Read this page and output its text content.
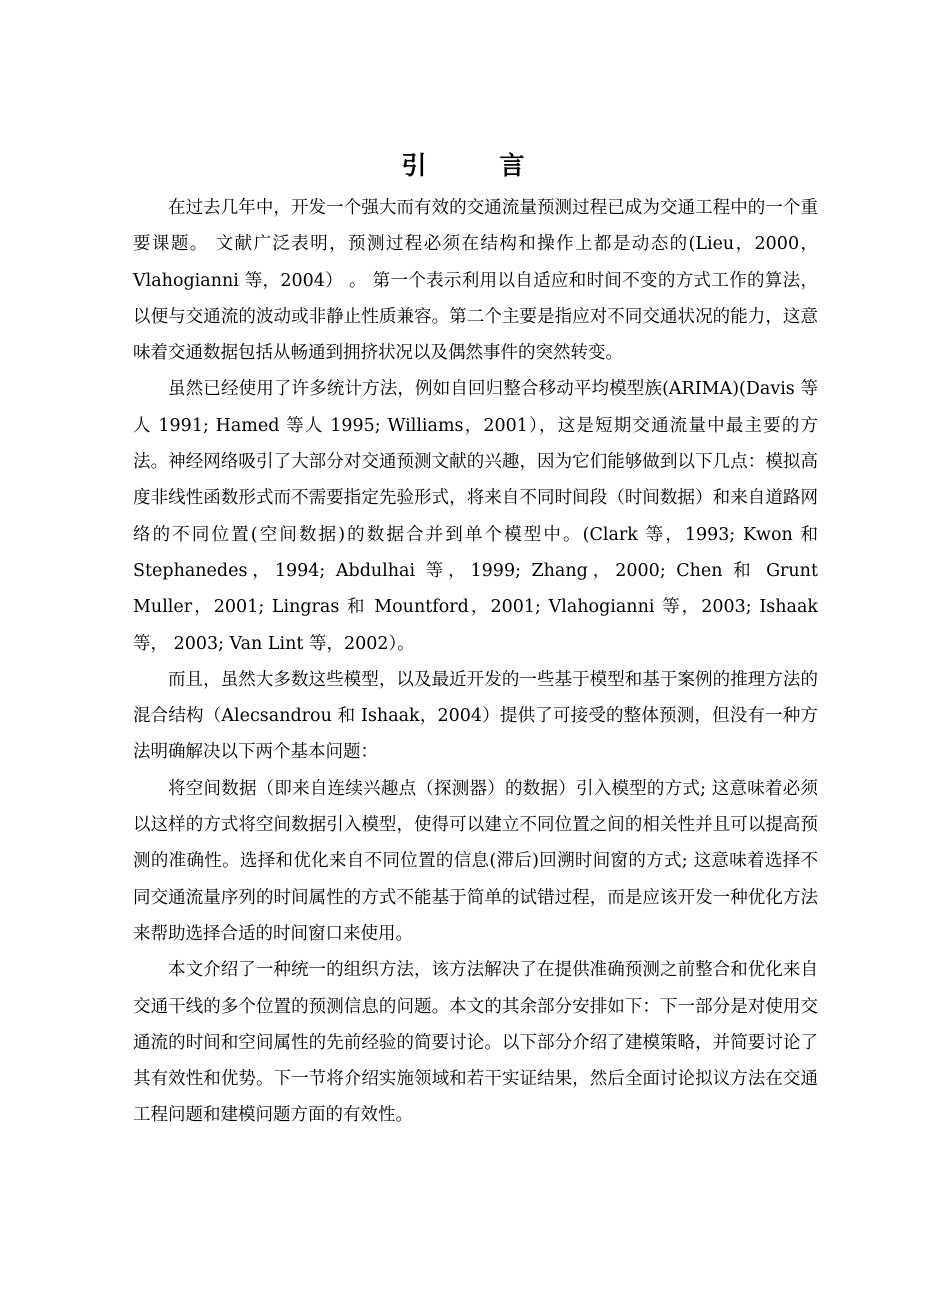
引　言

在过去几年中，开发一个强大而有效的交通流量预测过程已成为交通工程中的一个重要课题。 文献广泛表明，预测过程必须在结构和操作上都是动态的(Lieu，2000，Vlahogianni 等，2004） 。 第一个表示利用以自适应和时间不变的方式工作的算法，以便与交通流的波动或非静止性质兼容。第二个主要是指应对不同交通状况的能力，这意味着交通数据包括从畅通到拥挤状况以及偶然事件的突然转变。

虽然已经使用了许多统计方法，例如自回归整合移动平均模型族(ARIMA)(Davis 等人 1991; Hamed 等人 1995; Williams，2001），这是短期交通流量中最主要的方法。神经网络吸引了大部分对交通预测文献的兴趣，因为它们能够做到以下几点：模拟高度非线性函数形式而不需要指定先验形式，将来自不同时间段（时间数据）和来自道路网络的不同位置(空间数据)的数据合并到单个模型中。(Clark 等，1993; Kwon 和 Stephanedes，1994; Abdulhai 等，1999; Zhang，2000; Chen 和 Grunt Muller，2001; Lingras 和 Mountford，2001; Vlahogianni 等，2003; Ishaak 等， 2003; Van Lint 等，2002）。

而且，虽然大多数这些模型，以及最近开发的一些基于模型和基于案例的推理方法的混合结构（Alecsandrou 和 Ishaak，2004）提供了可接受的整体预测，但没有一种方法明确解决以下两个基本问题：

将空间数据（即来自连续兴趣点（探测器）的数据）引入模型的方式; 这意味着必须以这样的方式将空间数据引入模型，使得可以建立不同位置之间的相关性并且可以提高预测的准确性。选择和优化来自不同位置的信息(滞后)回溯时间窗的方式; 这意味着选择不同交通流量序列的时间属性的方式不能基于简单的试错过程，而是应该开发一种优化方法来帮助选择合适的时间窗口来使用。

本文介绍了一种统一的组织方法，该方法解决了在提供准确预测之前整合和优化来自交通干线的多个位置的预测信息的问题。本文的其余部分安排如下：下一部分是对使用交通流的时间和空间属性的先前经验的简要讨论。以下部分介绍了建模策略，并简要讨论了其有效性和优势。下一节将介绍实施领域和若干实证结果，然后全面讨论拟议方法在交通工程问题和建模问题方面的有效性。
